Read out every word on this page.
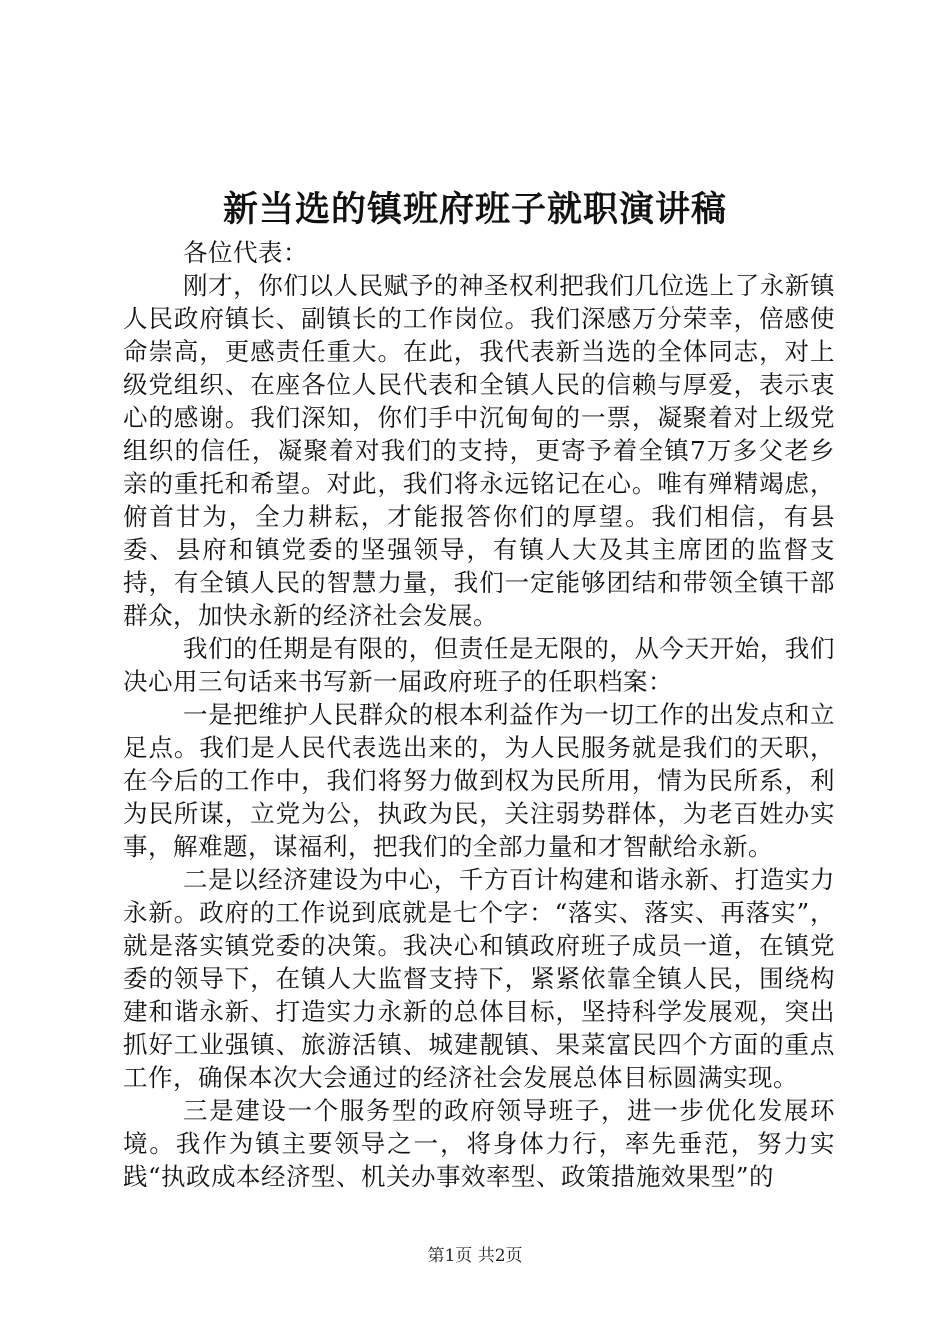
新当选的镇班府班子就职演讲稿

各位代表：

刚才，你们以人民赋予的神圣权利把我们几位选上了永新镇人民政府镇长、副镇长的工作岗位。我们深感万分荣幸，倍感使命崇高，更感责任重大。在此，我代表新当选的全体同志，对上级党组织、在座各位人民代表和全镇人民的信赖与厚爱，表示衷心的感谢。我们深知，你们手中沉甸甸的一票，凝聚着对上级党组织的信任，凝聚着对我们的支持，更寄予着全镇7万多父老乡亲的重托和希望。对此，我们将永远铭记在心。唯有殚精竭虑，俯首甘为，全力耕耘，才能报答你们的厚望。我们相信，有县委、县府和镇党委的坚强领导，有镇人大及其主席团的监督支持，有全镇人民的智慧力量，我们一定能够团结和带领全镇干部群众，加快永新的经济社会发展。

我们的任期是有限的，但责任是无限的，从今天开始，我们决心用三句话来书写新一届政府班子的任职档案：

一是把维护人民群众的根本利益作为一切工作的出发点和立足点。我们是人民代表选出来的，为人民服务就是我们的天职，在今后的工作中，我们将努力做到权为民所用，情为民所系，利为民所谋，立党为公，执政为民，关注弱势群体，为老百姓办实事，解难题，谋福利，把我们的全部力量和才智献给永新。

二是以经济建设为中心，千方百计构建和谐永新、打造实力永新。政府的工作说到底就是七个字：“落实、落实、再落实”，就是落实镇党委的决策。我决心和镇政府班子成员一道，在镇党委的领导下，在镇人大监督支持下，紧紧依靠全镇人民，围绕构建和谐永新、打造实力永新的总体目标，坚持科学发展观，突出抓好工业强镇、旅游活镇、城建靓镇、果菜富民四个方面的重点工作，确保本次大会通过的经济社会发展总体目标圆满实现。

三是建设一个服务型的政府领导班子，进一步优化发展环境。我作为镇主要领导之一，将身体力行，率先垂范，努力实践“执政成本经济型、机关办事效率型、政策措施效果型”的

第1页 共2页
